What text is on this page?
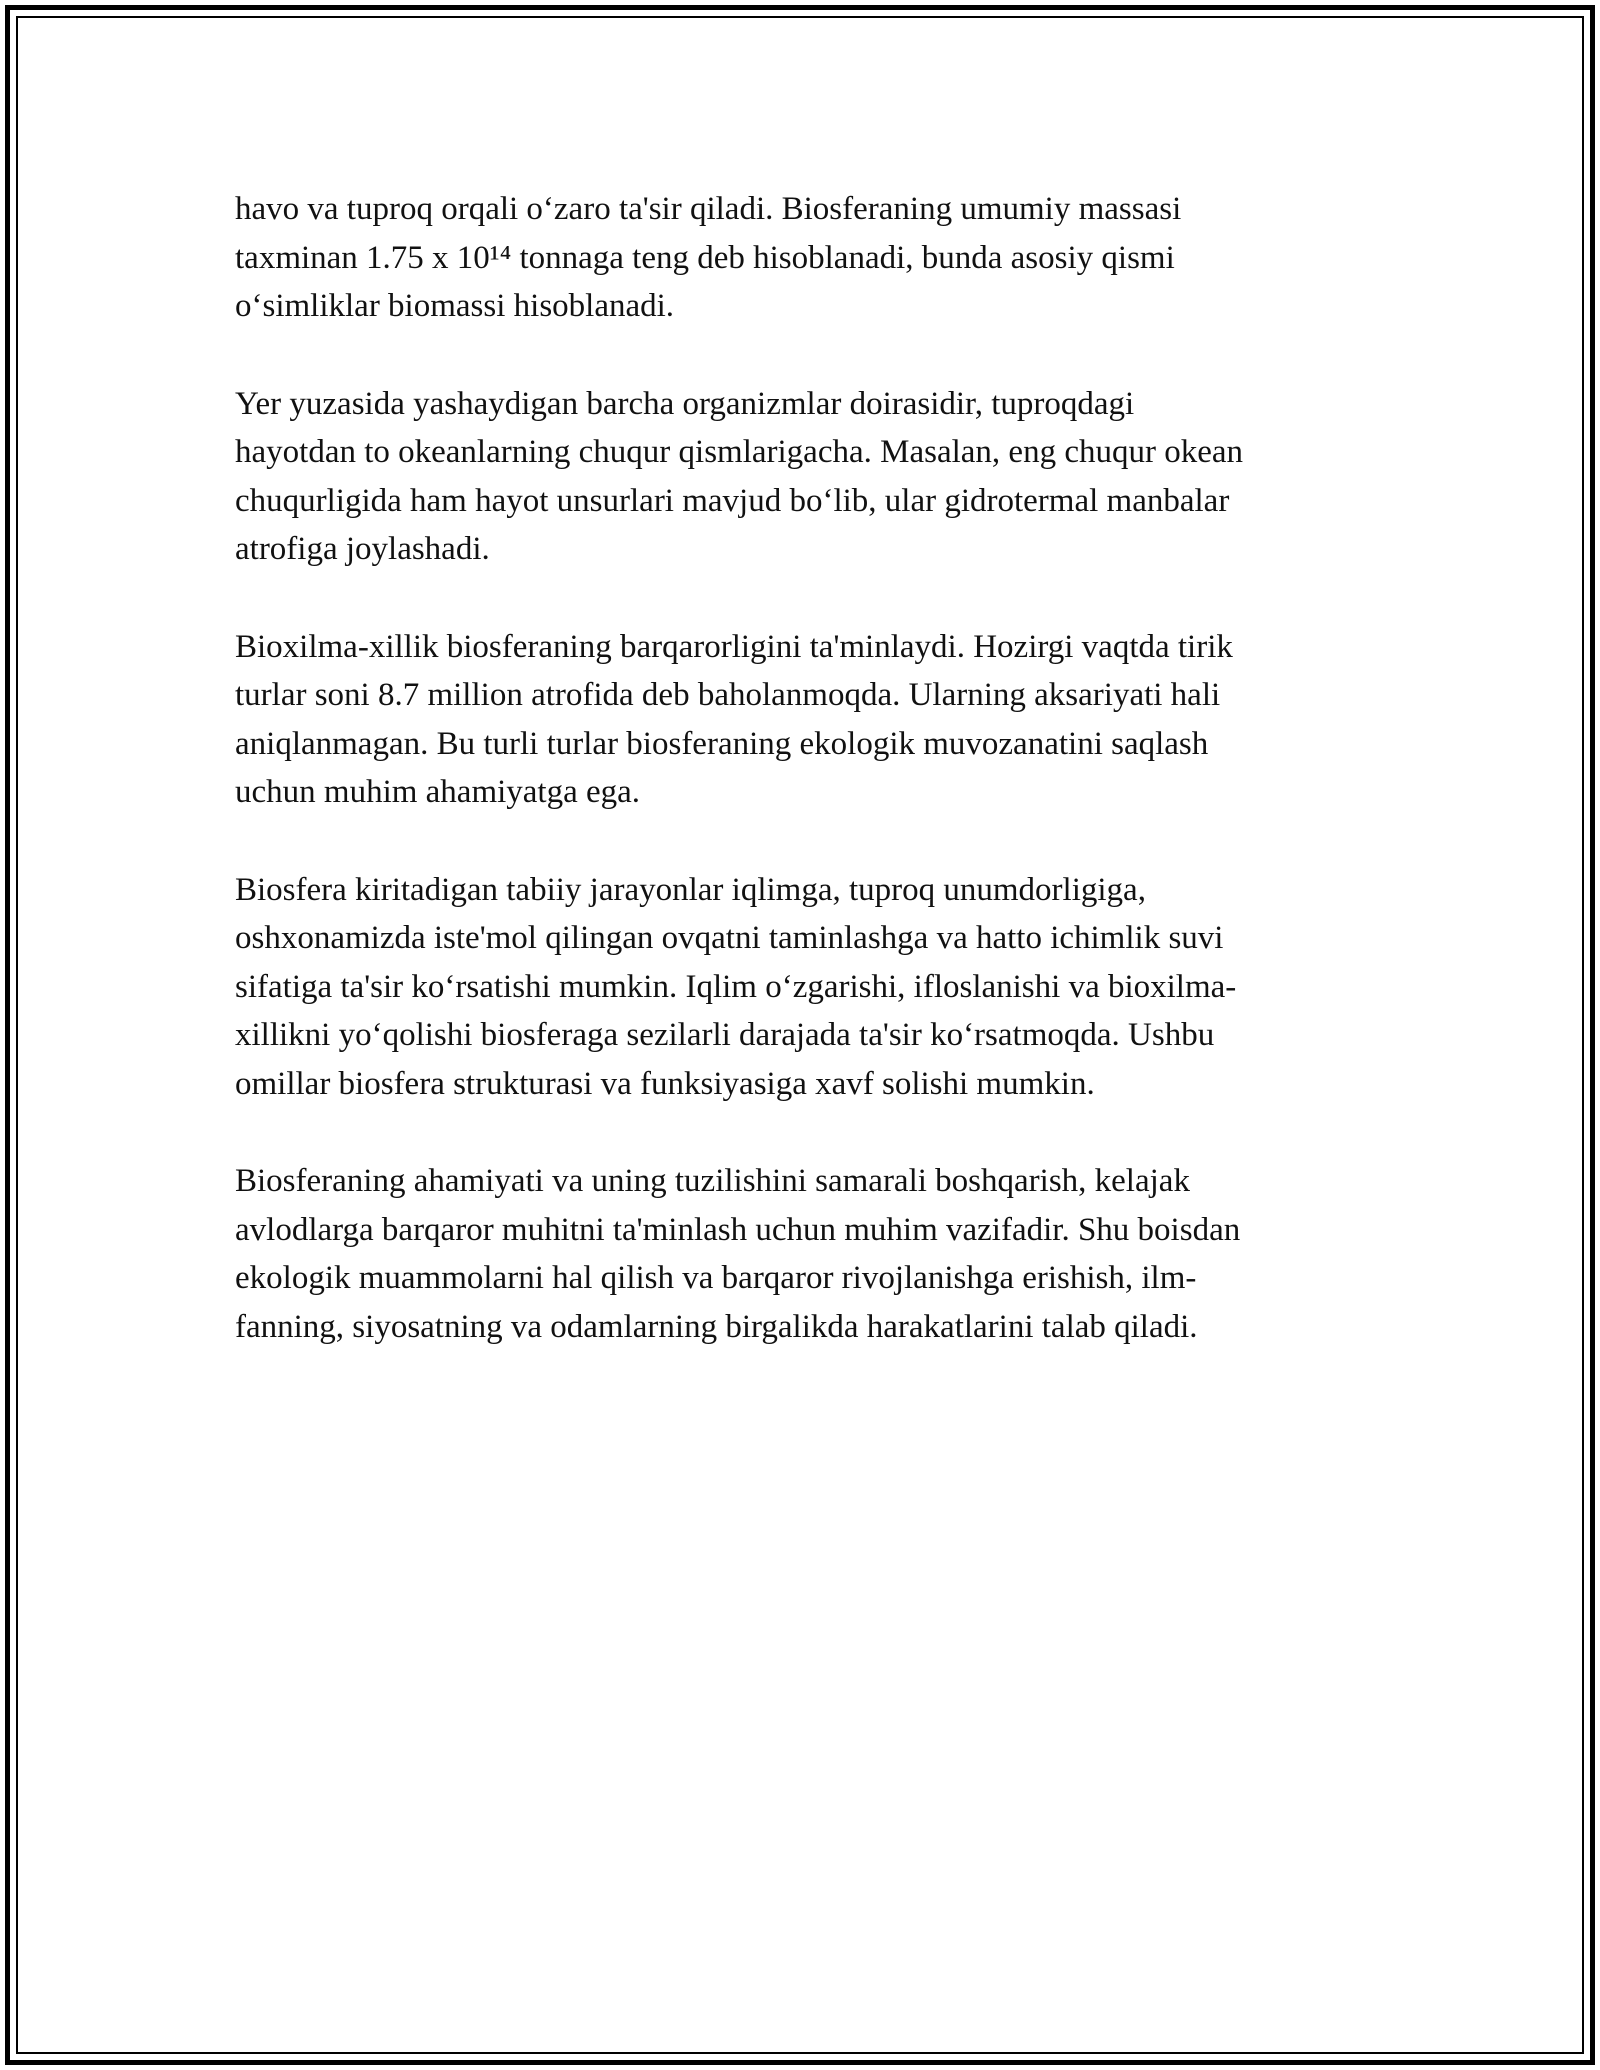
havo va tuproq orqali o‘zaro ta'sir qiladi. Biosferaning umumiy massasi
taxminan 1.75 x 10¹⁴ tonnaga teng deb hisoblanadi, bunda asosiy qismi
o‘simliklar biomassi hisoblanadi.

Yer yuzasida yashaydigan barcha organizmlar doirasidir, tuproqdagi
hayotdan to okeanlarning chuqur qismlarigacha. Masalan, eng chuqur okean
chuqurligida ham hayot unsurlari mavjud bo‘lib, ular gidrotermal manbalar
atrofiga joylashadi.

Bioxilma-xillik biosferaning barqarorligini ta'minlaydi. Hozirgi vaqtda tirik
turlar soni 8.7 million atrofida deb baholanmoqda. Ularning aksariyati hali
aniqlanmagan. Bu turli turlar biosferaning ekologik muvozanatini saqlash
uchun muhim ahamiyatga ega.

Biosfera kiritadigan tabiiy jarayonlar iqlimga, tuproq unumdorligiga,
oshxonamizda iste'mol qilingan ovqatni taminlashga va hatto ichimlik suvi
sifatiga ta'sir ko‘rsatishi mumkin. Iqlim o‘zgarishi, ifloslanishi va bioxilma-
xillikni yo‘qolishi biosferaga sezilarli darajada ta'sir ko‘rsatmoqda. Ushbu
omillar biosfera strukturasi va funksiyasiga xavf solishi mumkin.

Biosferaning ahamiyati va uning tuzilishini samarali boshqarish, kelajak
avlodlarga barqaror muhitni ta'minlash uchun muhim vazifadir. Shu boisdan
ekologik muammolarni hal qilish va barqaror rivojlanishga erishish, ilm-
fanning, siyosatning va odamlarning birgalikda harakatlarini talab qiladi.
